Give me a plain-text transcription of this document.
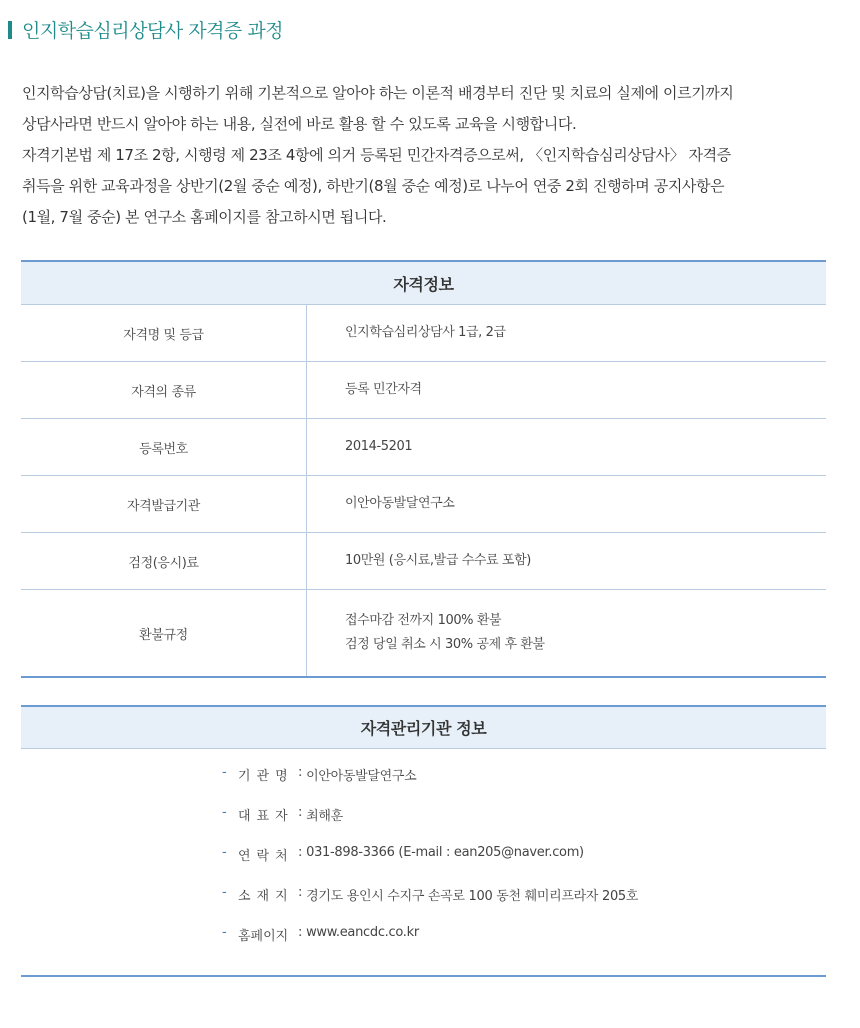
인지학습심리상담사 자격증 과정

인지학습상담(치료)을 시행하기 위해 기본적으로 알아야 하는 이론적 배경부터 진단 및 치료의 실제에 이르기까지

상담사라면 반드시 알아야 하는 내용, 실전에 바로 활용 할 수 있도록 교육을 시행합니다.

자격기본법 제 17조 2항, 시행령 제 23조 4항에 의거 등록된 민간자격증으로써, 〈인지학습심리상담사〉 자격증

취득을 위한 교육과정을 상반기(2월 중순 예정), 하반기(8월 중순 예정)로 나누어 연중 2회 진행하며 공지사항은

(1월, 7월 중순) 본 연구소 홈페이지를 참고하시면 됩니다.

자격정보	
자격명 및 등급	인지학습심리상담사 1급, 2급
자격의 종류	등록 민간자격
등록번호	2014-5201
자격발급기관	이안아동발달연구소
검정(응시)료	10만원 (응시료,발급 수수료 포함)
환불규정	접수마감 전까지 100% 환불
검정 당일 취소 시 30% 공제 후 환불
자격관리기관 정보
- 기관명 : 이안아동발달연구소
- 대표자 : 최해훈
- 연락처 : 031-898-3366 (E-mail : ean205@naver.com)
- 소재지 : 경기도 용인시 수지구 손곡로 100 동천 훼미리프라자 205호
- 홈페이지 : www.eancdc.co.kr
